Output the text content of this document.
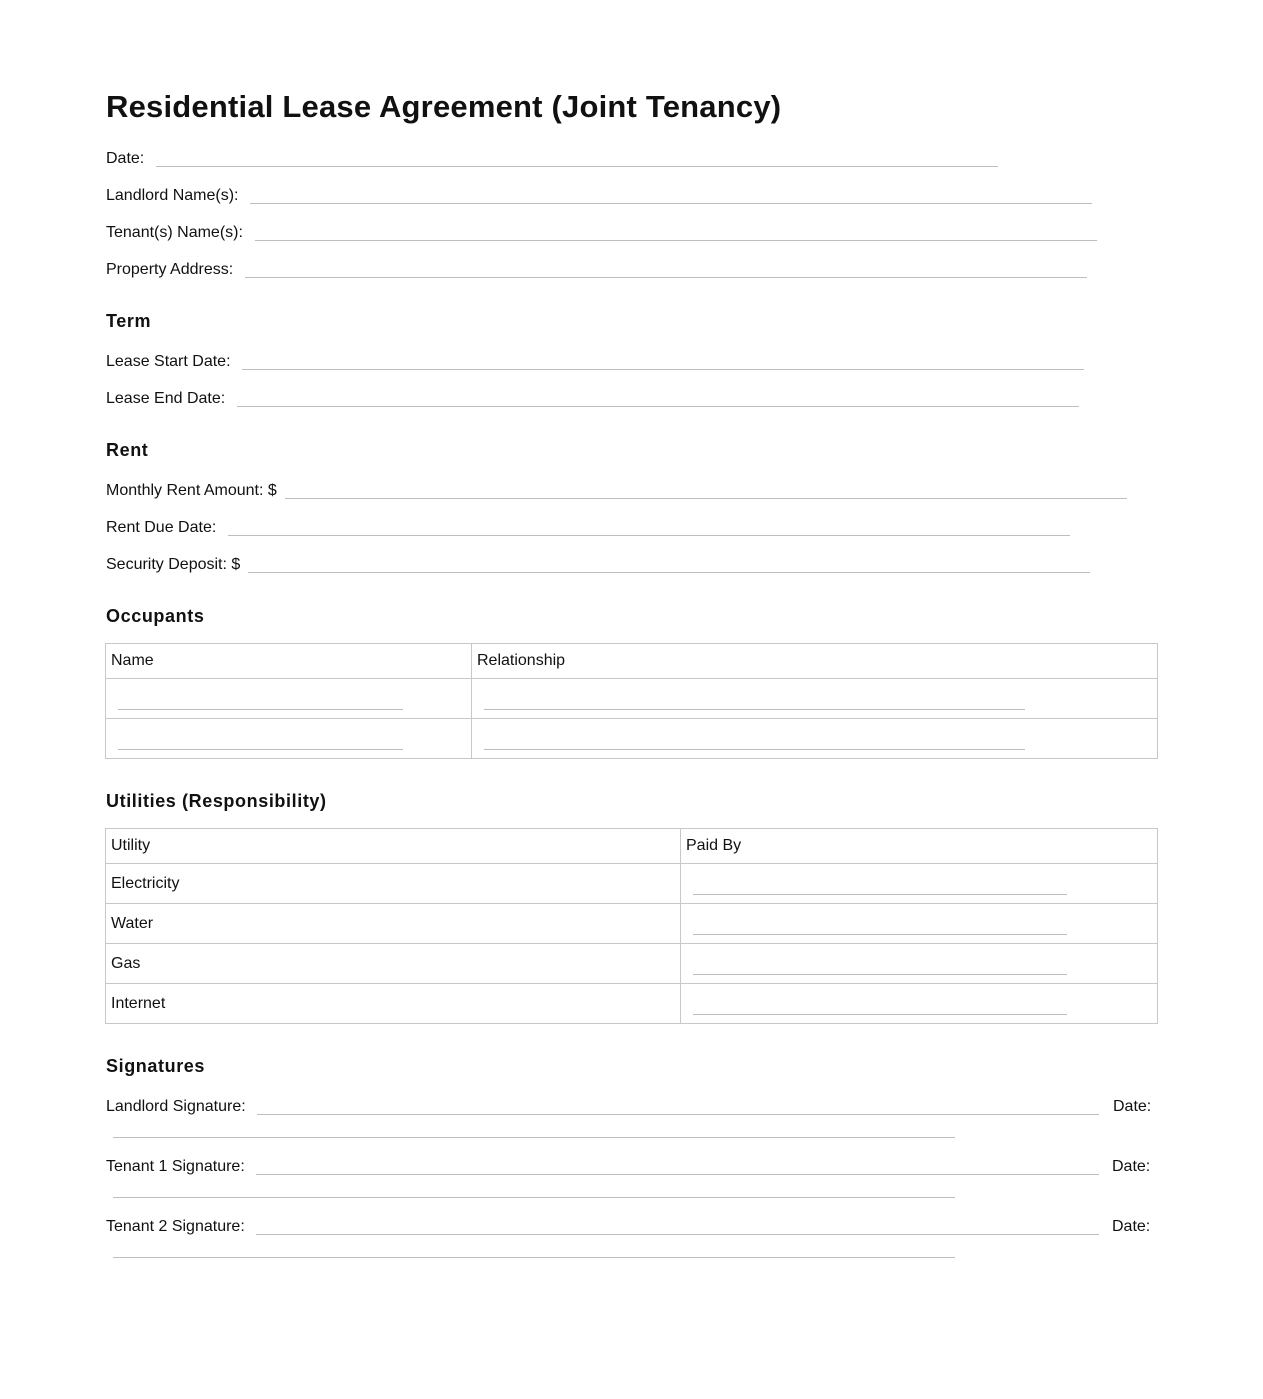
Residential Lease Agreement (Joint Tenancy)
Date:
Landlord Name(s):
Tenant(s) Name(s):
Property Address:
Term
Lease Start Date:
Lease End Date:
Rent
Monthly Rent Amount: $
Rent Due Date:
Security Deposit: $
Occupants
Name	Relationship

Utilities (Responsibility)
Utility	Paid By
Electricity	

Water	

Gas	

Internet	
Signatures
Landlord Signature:	Date:
Tenant 1 Signature:	Date:
Tenant 2 Signature:	Date:
